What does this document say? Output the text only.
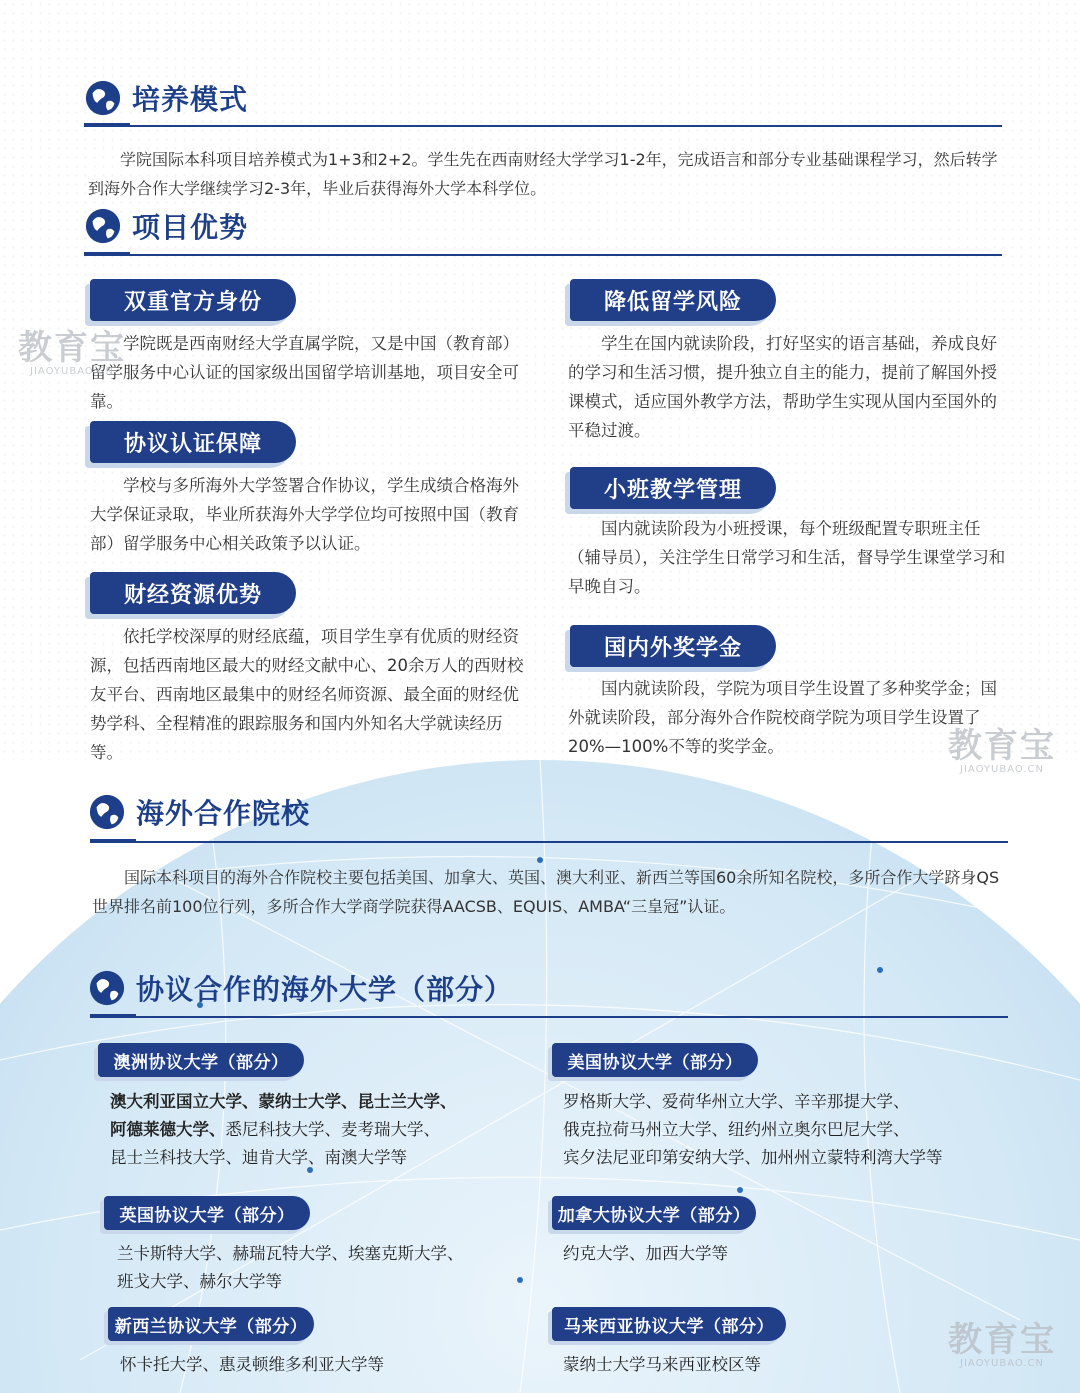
培养模式

学院国际本科项目培养模式为1+3和2+2。学生先在西南财经大学学习1-2年，完成语言和部分专业基础课程学习，然后转学到海外合作大学继续学习2-3年，毕业后获得海外大学本科学位。

项目优势
双重官方身份

学院既是西南财经大学直属学院，又是中国（教育部）留学服务中心认证的国家级出国留学培训基地，项目安全可靠。

协议认证保障

学校与多所海外大学签署合作协议，学生成绩合格海外大学保证录取，毕业所获海外大学学位均可按照中国（教育部）留学服务中心相关政策予以认证。

财经资源优势

依托学校深厚的财经底蕴，项目学生享有优质的财经资源，包括西南地区最大的财经文献中心、20余万人的西财校友平台、西南地区最集中的财经名师资源、最全面的财经优势学科、全程精准的跟踪服务和国内外知名大学就读经历等。

降低留学风险

学生在国内就读阶段，打好坚实的语言基础，养成良好的学习和生活习惯，提升独立自主的能力，提前了解国外授课模式，适应国外教学方法，帮助学生实现从国内至国外的平稳过渡。

小班教学管理

国内就读阶段为小班授课，每个班级配置专职班主任（辅导员），关注学生日常学习和生活，督导学生课堂学习和早晚自习。

国内外奖学金

国内就读阶段，学院为项目学生设置了多种奖学金；国外就读阶段，部分海外合作院校商学院为项目学生设置了20%—100%不等的奖学金。

海外合作院校

国际本科项目的海外合作院校主要包括美国、加拿大、英国、澳大利亚、新西兰等国60余所知名院校，多所合作大学跻身QS世界排名前100位行列，多所合作大学商学院获得AACSB、EQUIS、AMBA“三皇冠”认证。

协议合作的海外大学（部分）
澳洲协议大学（部分）
澳大利亚国立大学、蒙纳士大学、昆士兰大学、
阿德莱德大学、悉尼科技大学、麦考瑞大学、
昆士兰科技大学、迪肯大学、南澳大学等
美国协议大学（部分）

罗格斯大学、爱荷华州立大学、辛辛那提大学、
俄克拉荷马州立大学、纽约州立奥尔巴尼大学、
宾夕法尼亚印第安纳大学、加州州立蒙特利湾大学等

英国协议大学（部分）

兰卡斯特大学、赫瑞瓦特大学、埃塞克斯大学、
班戈大学、赫尔大学等

加拿大协议大学（部分）

约克大学、加西大学等

新西兰协议大学（部分）

怀卡托大学、惠灵顿维多利亚大学等

马来西亚协议大学（部分）

蒙纳士大学马来西亚校区等

教育宝
JIAOYUBAO.CN
教育宝
JIAOYUBAO.CN
教育宝
JIAOYUBAO.CN
